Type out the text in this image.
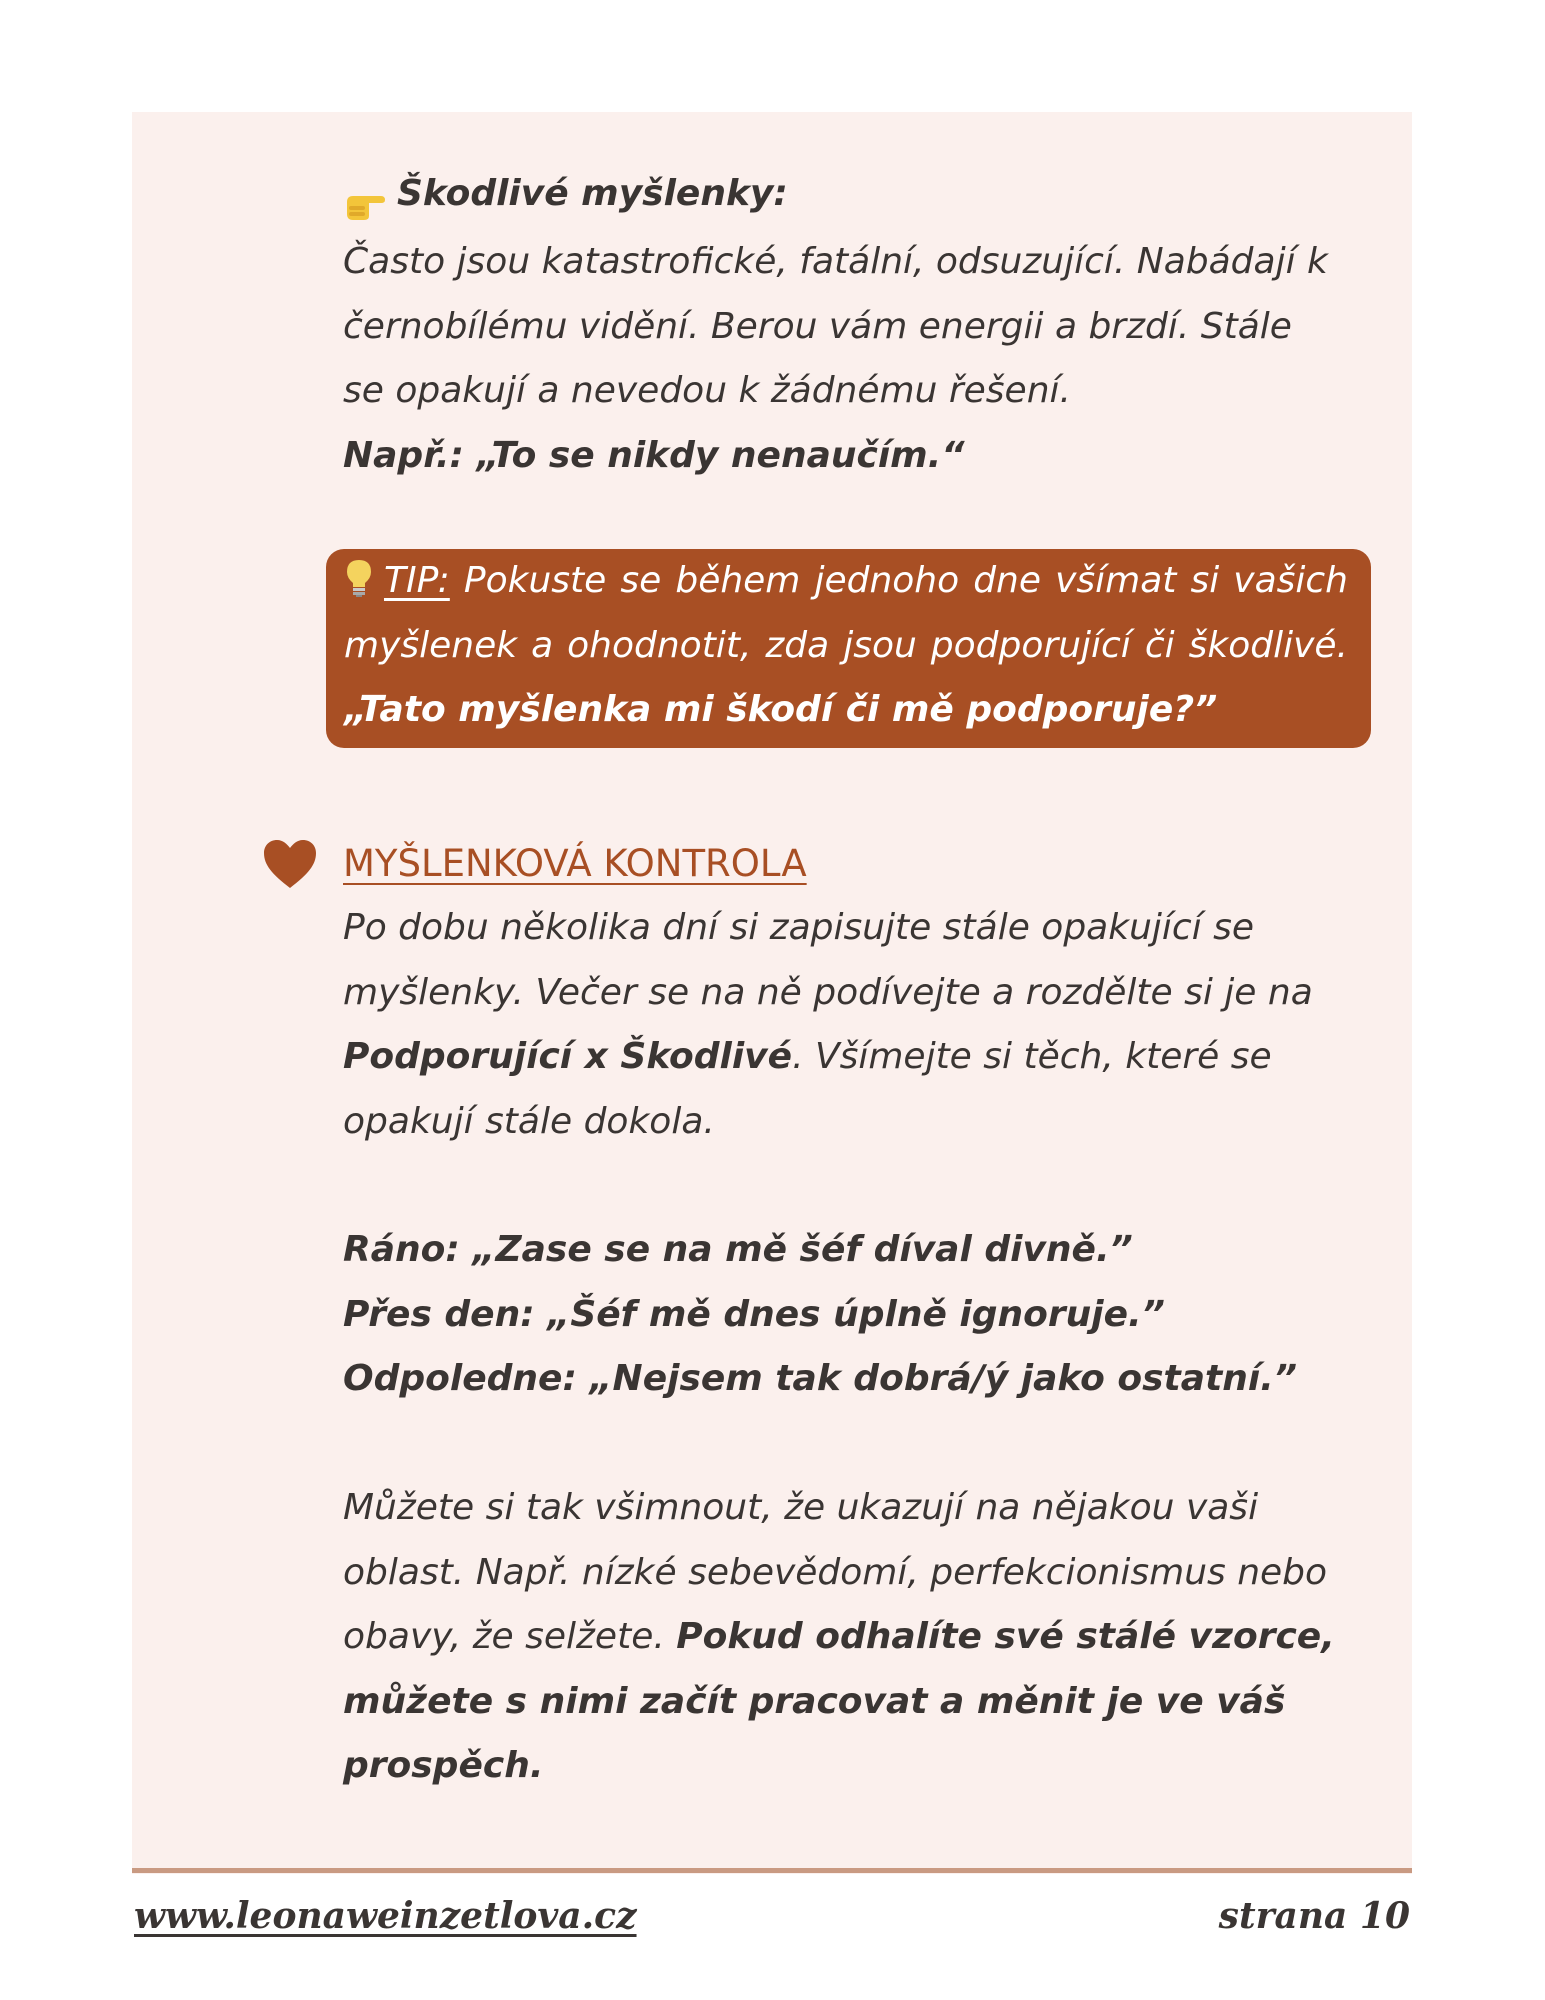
Škodlivé myšlenky:

Často jsou katastrofické, fatální, odsuzující. Nabádají k

černobílému vidění. Berou vám energii a brzdí. Stále

se opakují a nevedou k žádnému řešení.

Např.: „To se nikdy nenaučím.“

TIP: Pokuste se během jednoho dne všímat si vašich myšlenek a ohodnotit, zda jsou podporující či škodlivé. „Tato myšlenka mi škodí či mě podporuje?”
MYŠLENKOVÁ KONTROLA

Po dobu několika dní si zapisujte stále opakující se

myšlenky. Večer se na ně podívejte a rozdělte si je na

Podporující x Škodlivé. Všímejte si těch, které se

opakují stále dokola.

Ráno: „Zase se na mě šéf díval divně.”

Přes den: „Šéf mě dnes úplně ignoruje.”

Odpoledne: „Nejsem tak dobrá/ý jako ostatní.”

Můžete si tak všimnout, že ukazují na nějakou vaši

oblast. Např. nízké sebevědomí, perfekcionismus nebo

obavy, že selžete. Pokud odhalíte své stálé vzorce,

můžete s nimi začít pracovat a měnit je ve váš

prospěch.

www.leonaweinzetlova.cz	strana 10
